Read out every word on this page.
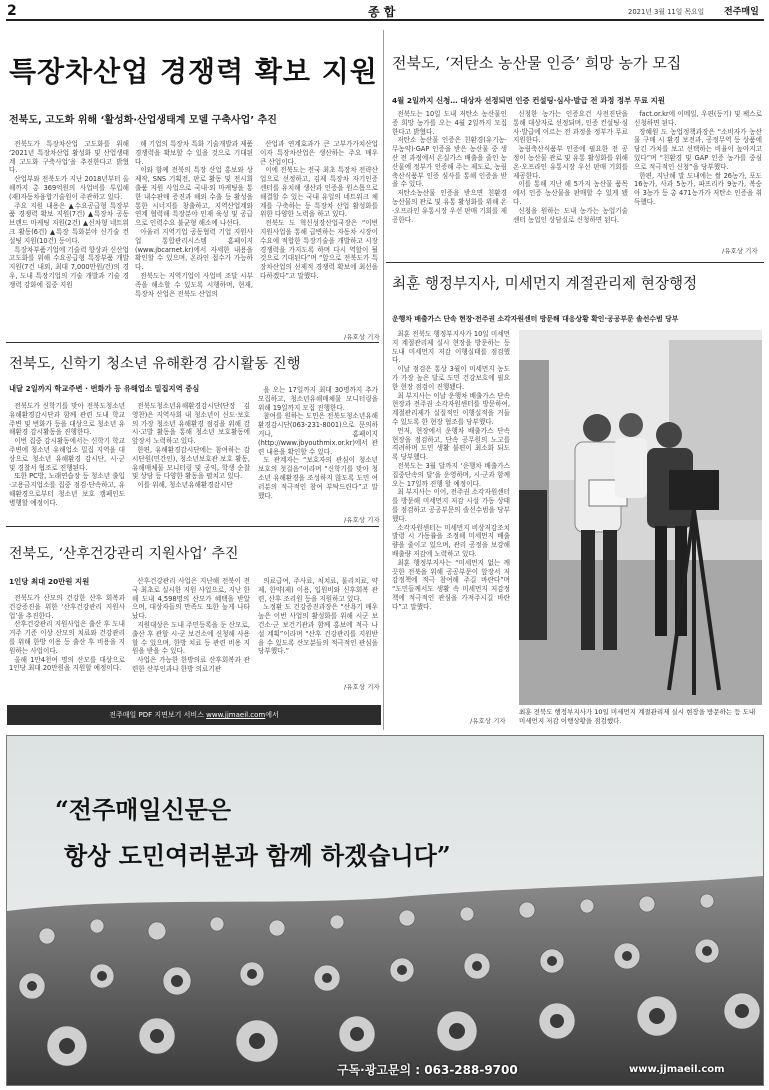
2	종 합	2021년 3월 11일 목요일 전주매일
특장차산업 경쟁력 확보 지원
전북도, 고도화 위해 ‘활성화·산업생태계 모델 구축사업’ 추진

전북도가 특장차산업 고도화를 위해 ‘2021년 특장차산업 활성화 및 산업생태계 고도화 구축사업’을 추진한다고 밝혔다.

산업부와 전북도가 지난 2018년부터 올해까지 총 369억원의 사업비를 투입해 (재)자동차융합기술원이 주관하고 있다.

주요 지원 내용은 ▲수요공급형 특장부품 경쟁력 확보 지원(7건) ▲특장차 공동브랜드 마케팅 지원(2건) ▲신차형 네트워크 활동(6건) ▲특장 특화분야 신기술 컨설팅 지원(10건) 등이다.

특장차부품기업에 기술력 향상과 신산업 고도화를 위해 수요공급형 특장부품 개발지원(7건 내외, 최대 7,000만원/건)의 경우, 도내 특장기업의 기술 개발과 기술 경쟁력 강화에 집중 지원

해 기업의 특장차 특화 기술개발과 제품경쟁력을 확보할 수 있을 것으로 기대된다.

이와 함께 전북의 특장 산업 홍보와 상 제작, SNS 기획전, 판로 활동 및 전시회 출품 지원 사업으로 국내·외 마케팅을 통한 내수판매 증진과 해외 수출 등 활성을 통한 시너지를 창출하고, 지역산업계와 연계 협력해 특장분야 인재 육성 및 공급으로 인력수요 불균형 해소에 나선다.

아울러 지역기업 공동협력 기업 지원사업 통합관리시스템 홈페이지(www.jbcarnet.kr)에서 자세한 내용을 확인할 수 있으며, 온라인 접수가 가능하다.

전북도는 지역기업이 사업비 조달 시부족을 해소할 수 있도록 시행하며, 현재, 특장차 산업은 전북도 산업의

산업과 연계효과가 큰 고부가가치산업이자 특장차산업은 생산하는 주요 매우 큰 산업이다.

이에 전북도는 전국 최초 특장차 전략산업으로 선정하고, 김제 특장차 자기인증센터를 유치해 생산과 인증을 원스톱으로 해결할 수 있는 국내 유일의 네트워크 체계를 구축하는 등 특장차 산업 활성화를 위한 다양한 노력을 하고 있다.

전북도 도 혁신성장산업국장은 “이번 지원사업을 통해 급변하는 자동차 시장이 수요에 적합한 특장기술을 개발하고 시장경쟁력을 가지도록 하며 다시 역할이 될 것으로 기대된다”며 “앞으로 전북도가 특장차산업의 선제적 경쟁력 확보에 최선을 다하겠다”고 말했다.

/유호상 기자
전북도, ‘저탄소 농산물 인증’ 희망 농가 모집
4월 2일까지 신청… 대상자 선정되면 인증 컨설팅·심사·발급 전 과정 정부 무료 지원

전북도는 10일 도내 저탄소 농산물인증 희망 농가를 오는 4월 2일까지 모집한다고 밝혔다.

저탄소 농산물 인증은 친환경(유기농·무농약)·GAP 인증을 받은 농산물 중 생산 전 과정에서 온실가스 배출을 줄인 농산물에 정부가 인증해 주는 제도로, 농림축산식품부 인증 심사를 통해 인증을 받을 수 있다.

저탄소농산물 인증을 받으면 친환경 농산물의 관로 및 유통 활성화를 위해 온·오프라인 유통시장 우선 판매 기회를 제공한다.

신청한 농가는 인증요건 사전진단을 통해 대상자로 선정되며, 인증 컨설팅·심사·발급에 이르는 전 과정을 정부가 무료 지원한다.

농림축산식품부 인증에 필요한 전 공정이 농산물 관로 및 유통 활성화를 위해 온·오프라인 유통시장 우선 판매 기회를 제공한다.

이를 통해 지난 해 5가지 농산물 품목에서 인증 농산물을 판매할 수 있게 됐다.

신청을 원하는 도내 농가는 농업기술센터 농업인 상담실로 신청하면 된다.

fact.or.kr에 이메일, 우편(등기) 및 팩스로 신청하면 된다.

장혜원 도 농업정책과장은 “소비자가 농산물 구매 시 환경 보전과, 공정무역 등 상품에 담긴 가치를 보고 선택하는 비율이 높아지고 있다”며 “친환경 및 GAP 인증 농가를 중심으로 적극적인 신청”을 당부했다.

한편, 지난해 말 도내에는 쌀 26농가, 포도 16농가, 사과 5농가, 파프리카 9농가, 복숭아 3농가 등 총 471농가가 저탄소 인증을 취득했다.

/유호상 기자
최훈 행정부지사, 미세먼지 계절관리제 현장행정
운행차 배출가스 단속 현장·전주권 소각자원센터 방문해 대응상황 확인·공공부문 솔선수범 당부

최훈 전북도 행정부지사가 10일 미세먼지 계절관리제 실시 현장을 방문하는 등 도내 미세먼지 저감 이행실태를 점검했다.

이날 점검은 통상 3월이 미세먼지 농도가 가장 높은 달로 도민 건강보호에 필요한 현장 점검이 진행됐다.

최 부지사는 이날 운행차 배출가스 단속 현장과 전주권 소각자원센터를 방문하여, 계절관리제가 실질적인 이행실적을 거둘 수 있도록 한 현장 협조를 당부했다.

먼저, 현장에서 운행차 배출가스 단속 현장을 점검하고, 단속 공무원의 노고를 격려하며 도민 생활 불편이 최소화 되도록 당부했다.

전북도는 3월 달까지 ‘운행차 배출가스 집중단속의 달’을 운영하며, 시·군과 함께 오는 17일까 진행 할 예정이다.

최 부지사는 이어, 전주권 소각자원센터를 방문해 미세먼지 저감 시설 가동 상태를 점검하고 공공부문의 솔선수범을 당부했다.

소각자원센터는 미세먼지 비상저감조치 발령 시 가동률을 조정해 미세먼지 배출량을 줄이고 있으며, 관리 공정을 보강해 배출량 저감에 노력하고 있다.

최훈 행정부지사는 “미세먼지 없는 깨끗한 전북을 위해 공공부문이 앞장서 저감정책에 적극 참여해 주길 바란다”며 “도민들께서도 생활 속 미세먼지 저감정책에 적극적인 관심을 가져주시길 바란다”고 말했다.

/유호상 기자
최훈 전북도 행정부지사가 10일 미세먼지 계절관리제 실시 현장을 방문하는 등 도내 미세먼지 저감 이행상황을 점검했다.
전북도, 신학기 청소년 유해환경 감시활동 진행
내달 2일까지 학교주변 · 번화가 등 유해업소 밀집지역 중심

전북도가 신학기를 맞아 전북도청소년유해환경감시단과 함께 관련 도내 학교주변 및 번화가 등을 대상으로 청소년 유해환경 감시활동을 진행한다.

이번 집중 감시활동에서는 신학기 학교주변에 청소년 유해업소 밀집 지역을 대상으로 청소년 유해환경 감시단, 시·군 및 경찰서 협조로 진행된다.

또한 PC방, 노래연습장 등 청소년 출입·고용금지업소를 집중 점검·단속하고, 유해환경으로부터 청소년 보호 캠페인도 병행할 예정이다.

전북도청소년유해환경감시단(단장 김영찬)은 지역사회 내 청소년이 신도·보호의 가장 청소년 유해환경 점검을 위해 감시·고발 활동을 통해 청소년 보호활동에 앞장서 노력하고 있다.

한편, 유해환경감시단에는 참여하는 감시단원(민간인), 청소년보호관 보호 활동, 유해매체물 모니터링 및 공익, 학생 순찰 및 상담 등 다양한 활동을 펼치고 있다.

이를 위해, 청소년유해환경감시단

을 오는 17일까지 최대 30명까지 추가 모집하고, 청소년유해매체물 모니터링을 위해 19일까지 모집 진행한다.

참여를 원하는 도민은 전북도청소년유해환경감시단(063-231-8001)으로 문의하거나, 홈페이지(http://www.jbyouthmix.or.kr)에서 관련 내용을 확인할 수 있다.

도 관계자는 “보호자의 관심이 청소년 보호의 첫걸음”이라며 “신학기를 맞아 청소년 유해환경을 조성하지 않도록 도민 여러분의 적극적인 참여 부탁드린다”고 말했다.

/유호상 기자
전북도, ‘산후건강관리 지원사업’ 추진
1인당 최대 20만원 지원

전북도가 산모의 건강한 산후 회복과 건강증진을 위한 ‘산후건강관리 지원사업’을 추진한다.

산후건강관리 지원사업은 출산 후 도내 거주 기준 이상 산모의 치료와 건강관리를 위해 한방 이용 등 출산 후 비용을 지원하는 사업이다.

올해 1만4천여 명의 산모를 대상으로 1인당 최대 20만원을 지원할 예정이다.

산후건강관리 사업은 지난해 전북이 전국 최초로 실시한 지원 사업으로, 지난 한 해 도내 4,598명의 산모가 혜택을 받았으며, 대상자들의 만족도 또한 높게 나타났다.

지원대상은 도내 주민등록을 둔 산모로, 출산 후 관할 시·군 보건소에 신청해 사용할 수 있으며, 한방 치료 등 관련 비용 지원을 받을 수 있다.

사업은 가능한 한방의료 산후회복과 관련한 산부인과나 한방 의료기관

의료급여, 주사료, 처치료, 물리치료, 약제, 한약(제) 이용, 입원비와 신후회복 관련, 산후 조리원 등을 지원하고 있다.

노정환 도 건강증진과장은 “산욕기 매우 높은 이번 사업의 활성화를 위해 시군 보건소·군 보건기관과 함께 홍보에 적극 나설 계획”이라며 “산후 건강관리를 지원받을 수 있도록 산모분들의 적극적인 관심을 당부했다.”

/유호상 기자
전주매일 PDF 지면보기 서비스 www.jjmaeil.com에서
“전주매일신문은
항상 도민여러분과 함께 하겠습니다”
구독·광고문의 : 063-288-9700	www.jjmaeil.com
